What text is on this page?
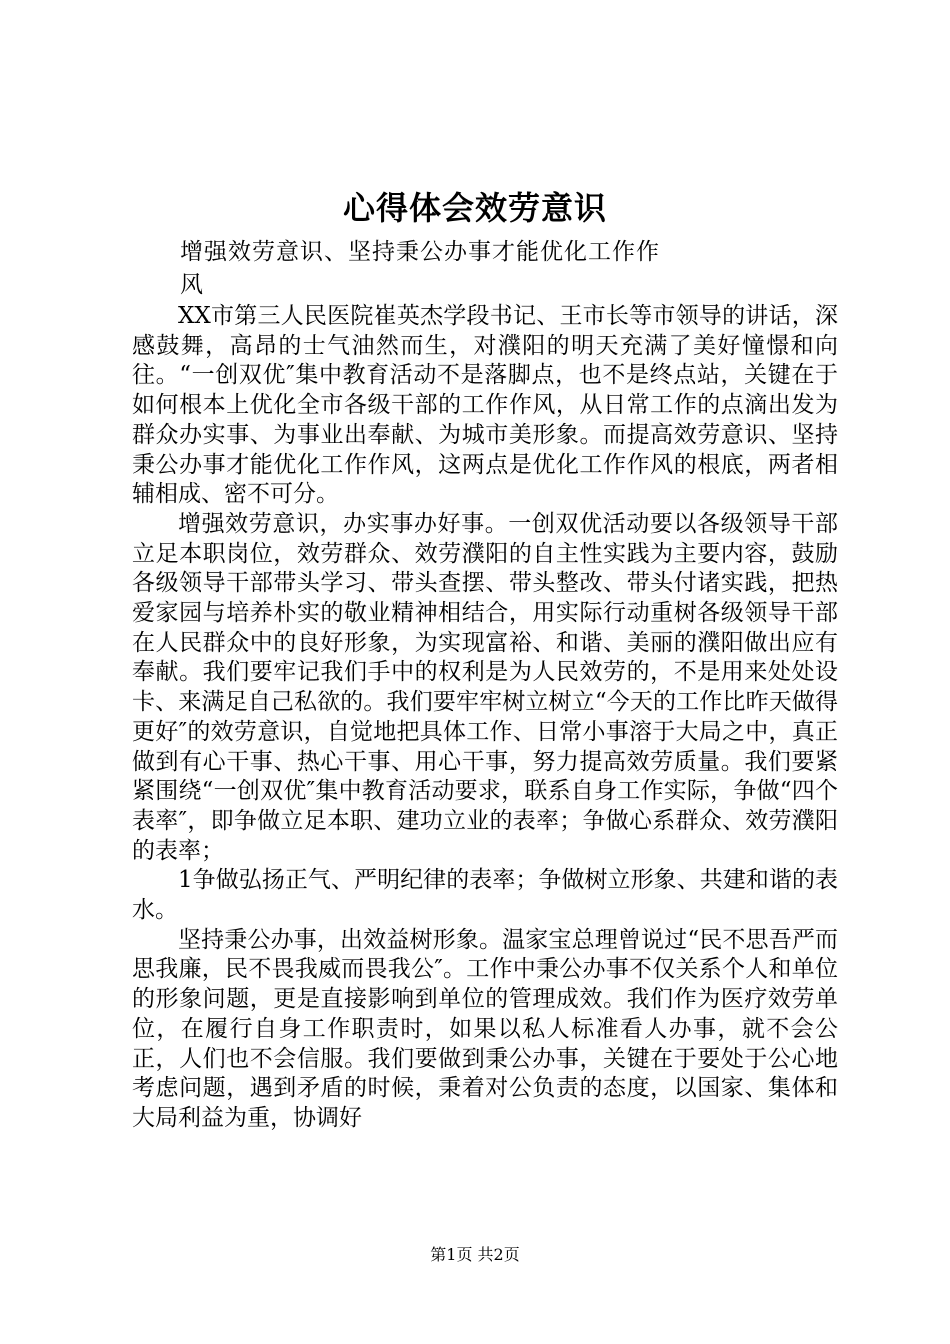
心得体会效劳意识
增强效劳意识、坚持秉公办事才能优化工作作风

XX市第三人民医院崔英杰学段书记、王市长等市领导的讲话，深感鼓舞，高昂的士气油然而生，对濮阳的明天充满了美好憧憬和向往。“一创双优″集中教育活动不是落脚点，也不是终点站，关键在于如何根本上优化全市各级干部的工作作风，从日常工作的点滴出发为群众办实事、为事业出奉献、为城市美形象。而提高效劳意识、坚持秉公办事才能优化工作作风，这两点是优化工作作风的根底，两者相辅相成、密不可分。

增强效劳意识，办实事办好事。一创双优活动要以各级领导干部立足本职岗位，效劳群众、效劳濮阳的自主性实践为主要内容，鼓励各级领导干部带头学习、带头查摆、带头整改、带头付诸实践，把热爱家园与培养朴实的敬业精神相结合，用实际行动重树各级领导干部在人民群众中的良好形象，为实现富裕、和谐、美丽的濮阳做出应有奉献。我们要牢记我们手中的权利是为人民效劳的，不是用来处处设卡、来满足自己私欲的。我们要牢牢树立树立“今天的工作比昨天做得更好″的效劳意识，自觉地把具体工作、日常小事溶于大局之中，真正做到有心干事、热心干事、用心干事，努力提高效劳质量。我们要紧紧围绕“一创双优″集中教育活动要求，联系自身工作实际，争做“四个表率″，即争做立足本职、建功立业的表率；争做心系群众、效劳濮阳的表率；

1争做弘扬正气、严明纪律的表率；争做树立形象、共建和谐的表水。

坚持秉公办事，出效益树形象。温家宝总理曾说过“民不思吾严而思我廉，民不畏我威而畏我公″。工作中秉公办事不仅关系个人和单位的形象问题，更是直接影响到单位的管理成效。我们作为医疗效劳单位，在履行自身工作职责时，如果以私人标准看人办事，就不会公正，人们也不会信服。我们要做到秉公办事，关键在于要处于公心地考虑问题，遇到矛盾的时候，秉着对公负责的态度，以国家、集体和大局利益为重，协调好

第1页 共2页
